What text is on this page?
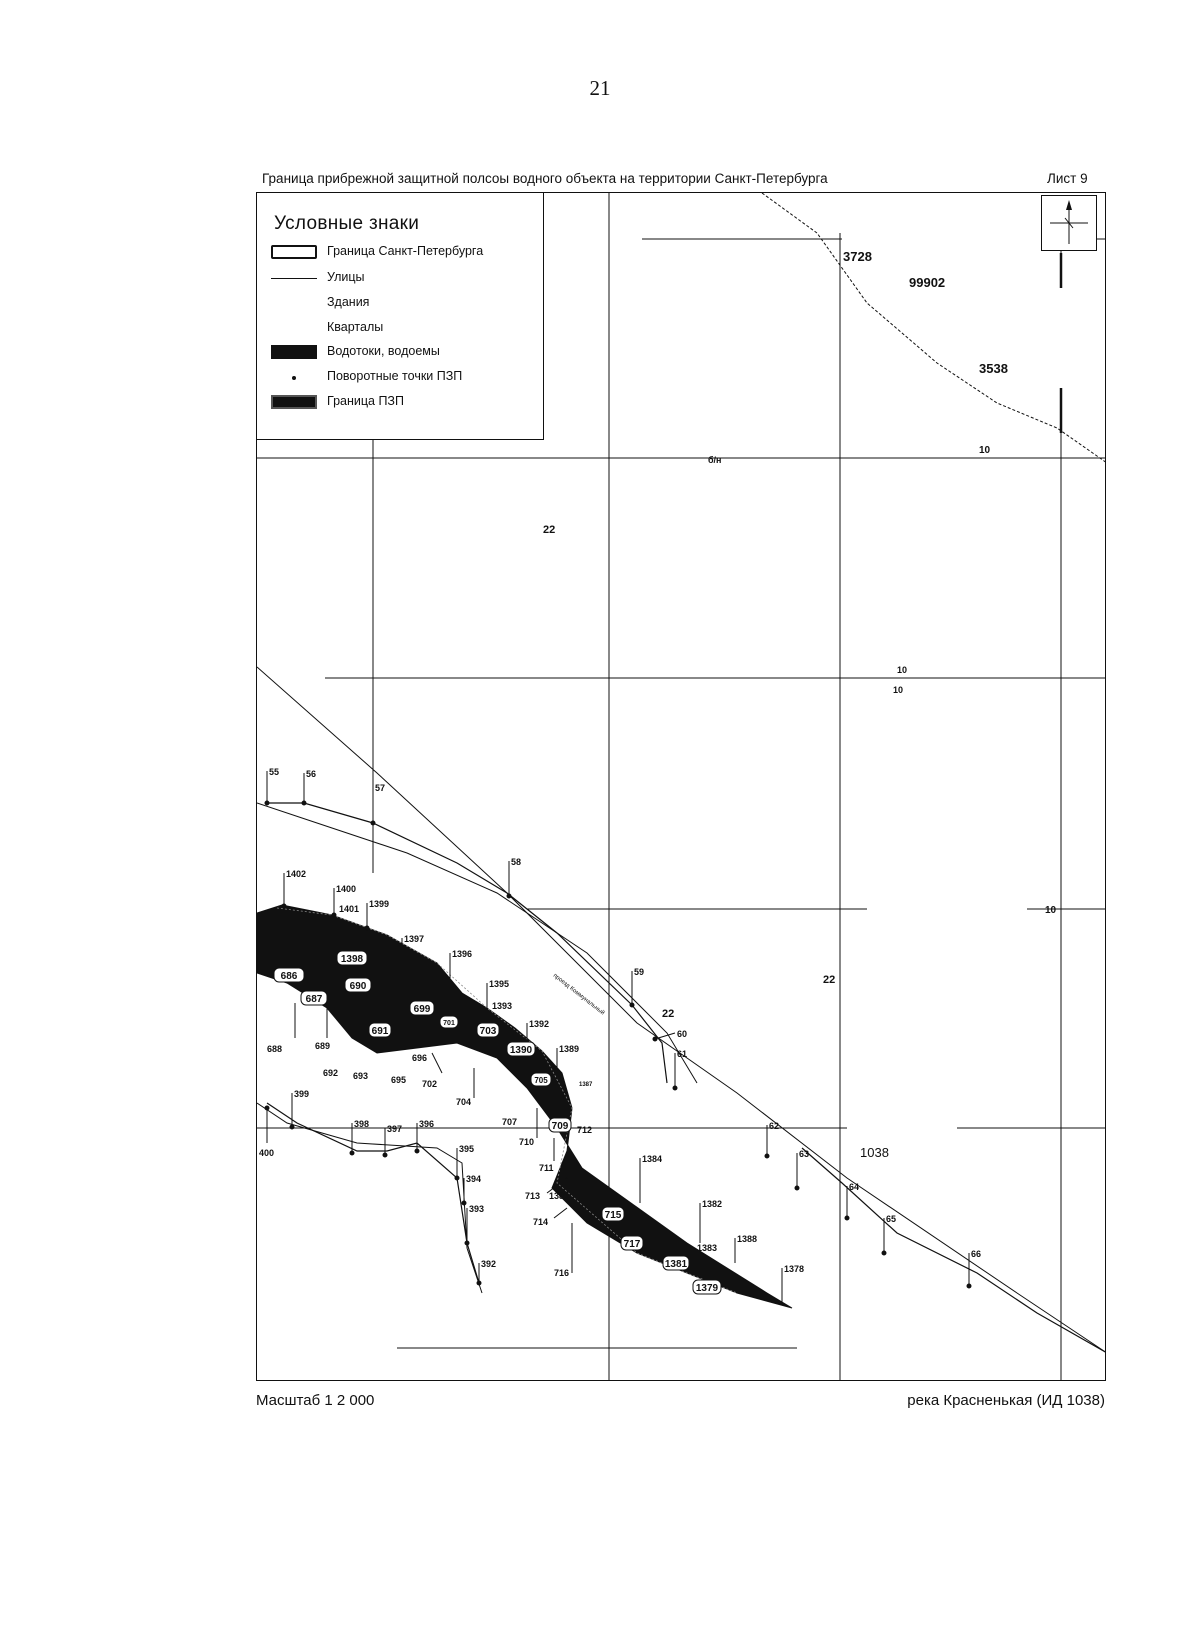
21
Граница прибрежной защитной полсоы водного объекта на территории Санкт-Петербурга	Лист 9
1398
686
690
687
699
691
701
703
1390
705
709
715
717
1381
1379
55	56
57
58
59
60
61
62
63
64
65
66
1402
1400
1401 1399
1397
1396
1395
1393
1392
1389
1387
1384
1382
1388
1383
1378
1385
399
400
398 397 396
395
394
393
392
688	689
692 693	695 702
704
707
710
711
712
713
714
716
696
3728
99902
3538
10
б/н
22
10
10
10
22
22
1038
проезд Коммунальный
Условные знаки
Граница Санкт-Петербурга
Улицы
Здания
Кварталы
Водотоки, водоемы
Поворотные точки ПЗП
Граница ПЗП
Масштаб 1 2 000	река Красненькая (ИД 1038)
